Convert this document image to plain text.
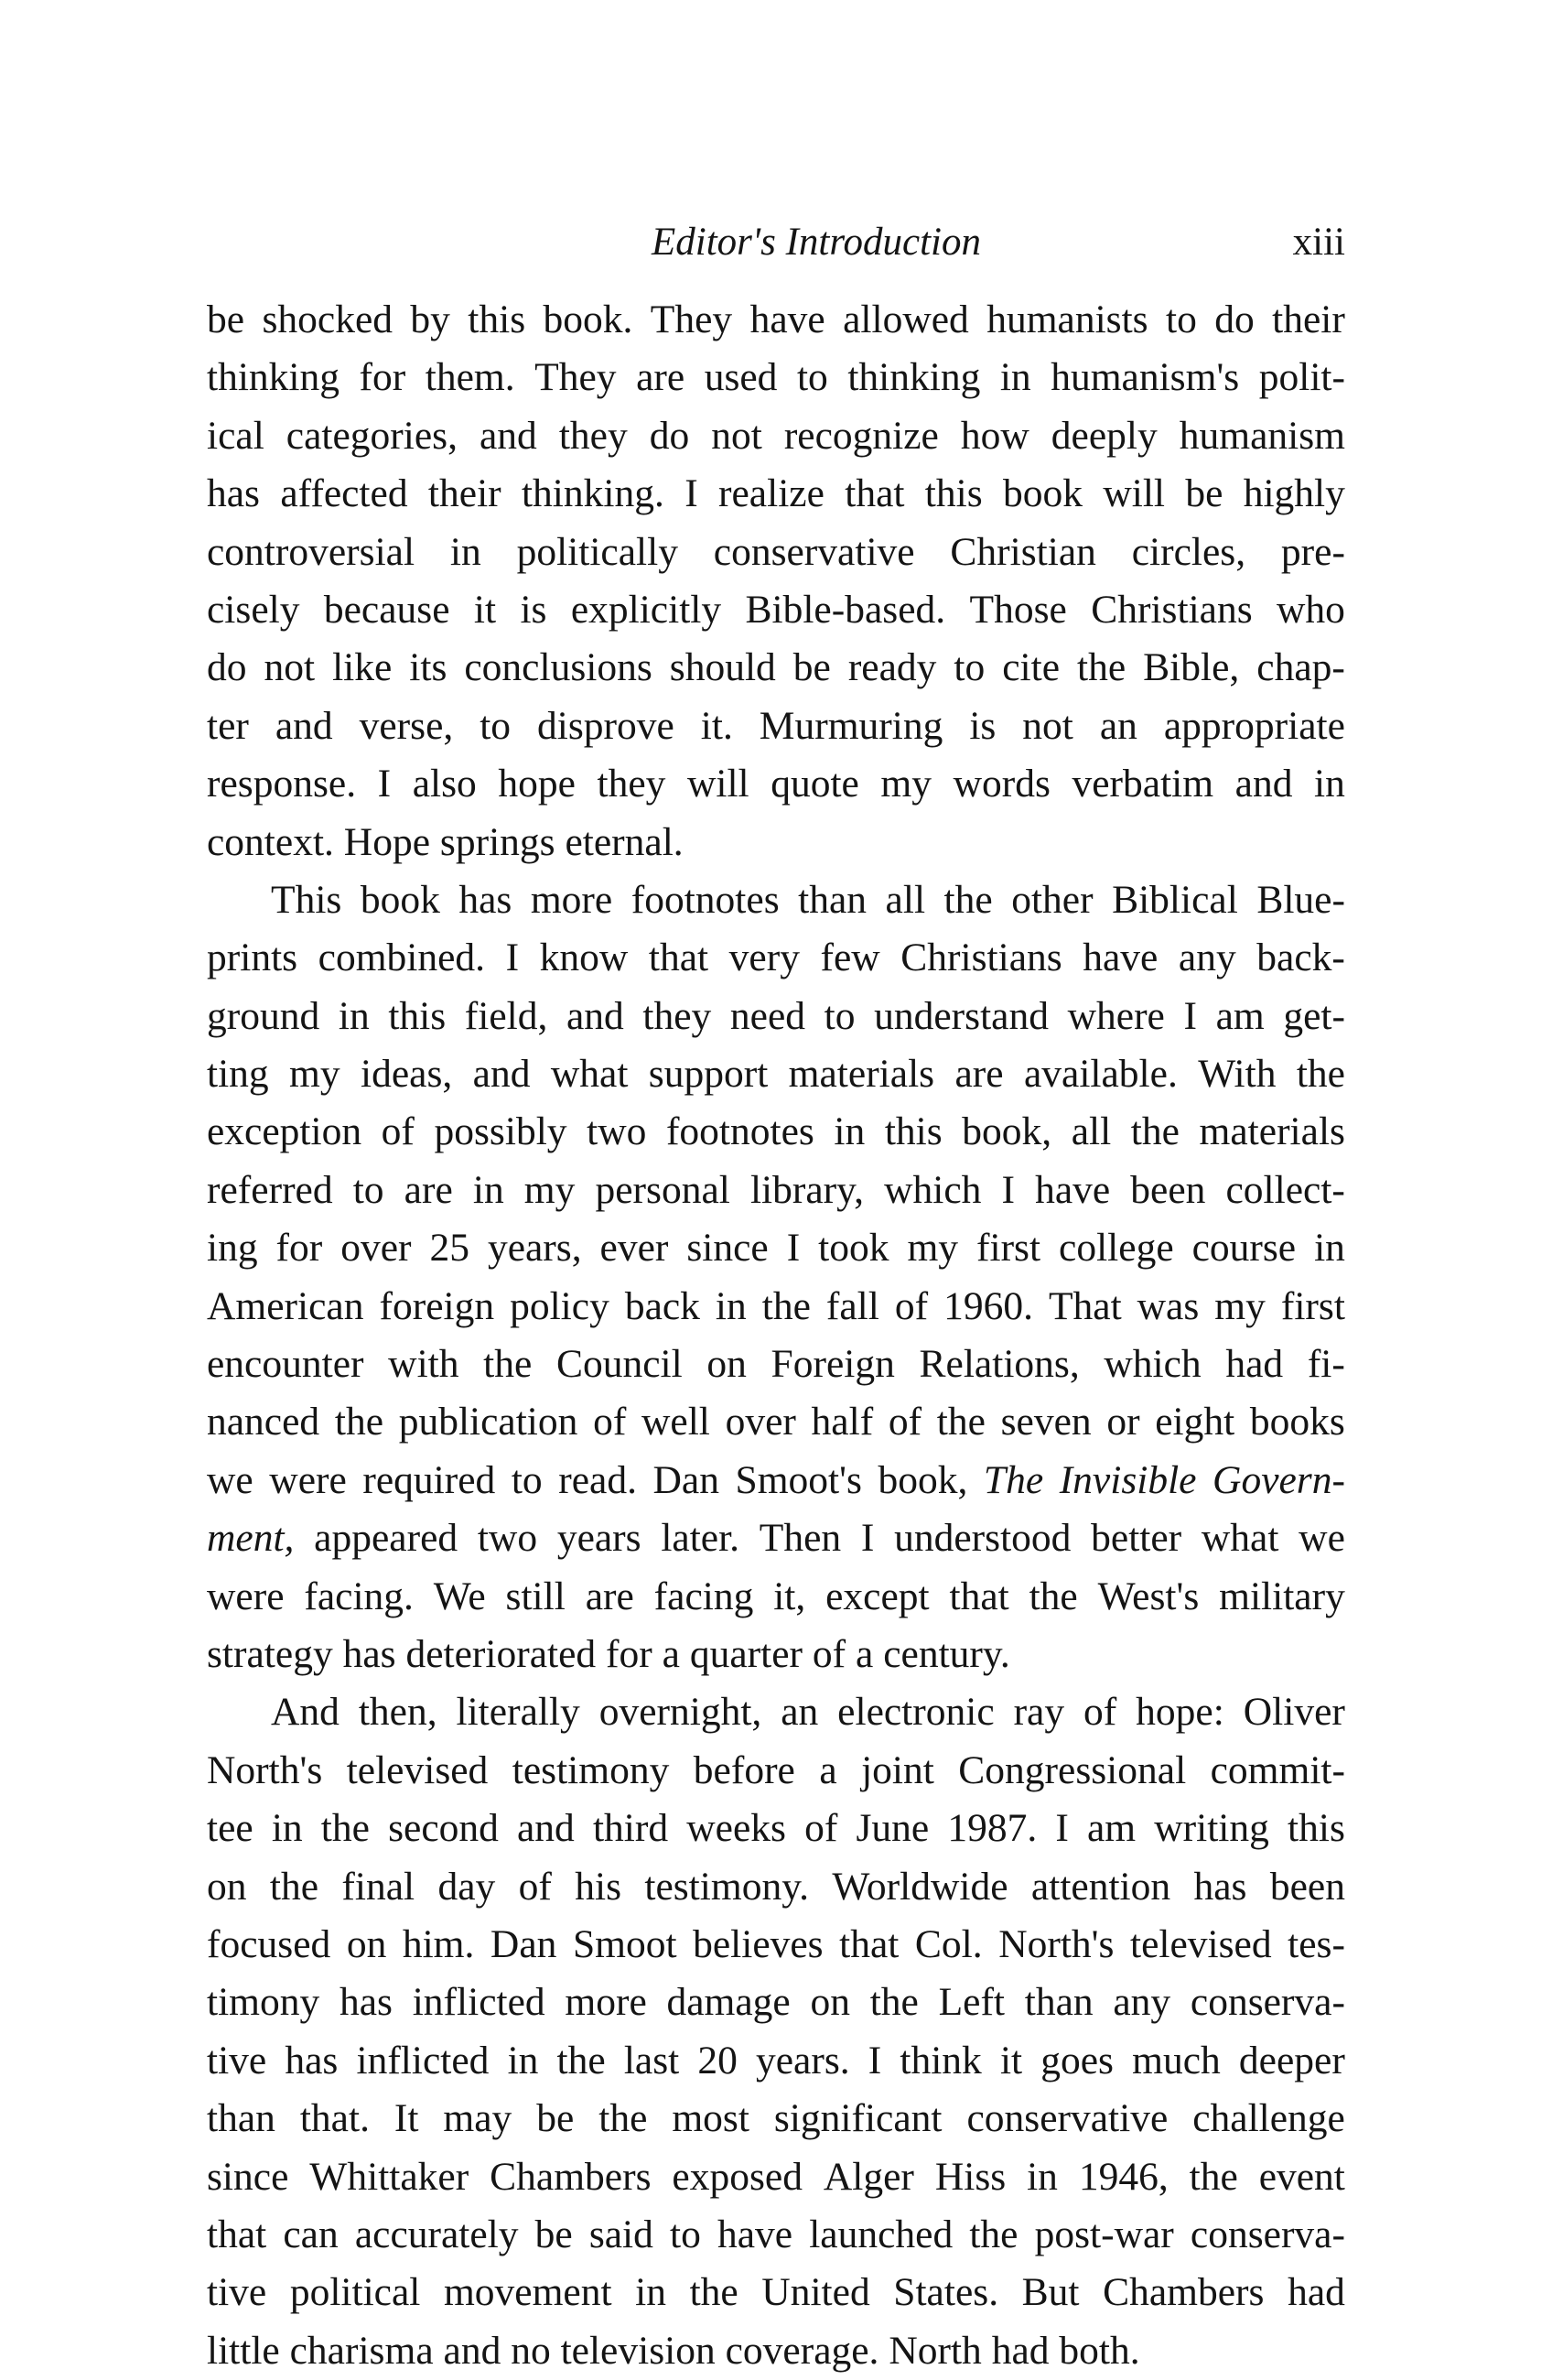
Editor's Introduction	xiii
be shocked by this book. They have allowed humanists to do their
thinking for them. They are used to thinking in humanism's polit-
ical categories, and they do not recognize how deeply humanism
has affected their thinking. I realize that this book will be highly
controversial in politically conservative Christian circles, pre-
cisely because it is explicitly Bible-based. Those Christians who
do not like its conclusions should be ready to cite the Bible, chap-
ter and verse, to disprove it. Murmuring is not an appropriate
response. I also hope they will quote my words verbatim and in
context. Hope springs eternal.
This book has more footnotes than all the other Biblical Blue-
prints combined. I know that very few Christians have any back-
ground in this field, and they need to understand where I am get-
ting my ideas, and what support materials are available. With the
exception of possibly two footnotes in this book, all the materials
referred to are in my personal library, which I have been collect-
ing for over 25 years, ever since I took my first college course in
American foreign policy back in the fall of 1960. That was my first
encounter with the Council on Foreign Relations, which had fi-
nanced the publication of well over half of the seven or eight books
we were required to read. Dan Smoot's book, The Invisible Govern-
ment, appeared two years later. Then I understood better what we
were facing. We still are facing it, except that the West's military
strategy has deteriorated for a quarter of a century.
And then, literally overnight, an electronic ray of hope: Oliver
North's televised testimony before a joint Congressional commit-
tee in the second and third weeks of June 1987. I am writing this
on the final day of his testimony. Worldwide attention has been
focused on him. Dan Smoot believes that Col. North's televised tes-
timony has inflicted more damage on the Left than any conserva-
tive has inflicted in the last 20 years. I think it goes much deeper
than that. It may be the most significant conservative challenge
since Whittaker Chambers exposed Alger Hiss in 1946, the event
that can accurately be said to have launched the post-war conserva-
tive political movement in the United States. But Chambers had
little charisma and no television coverage. North had both.
